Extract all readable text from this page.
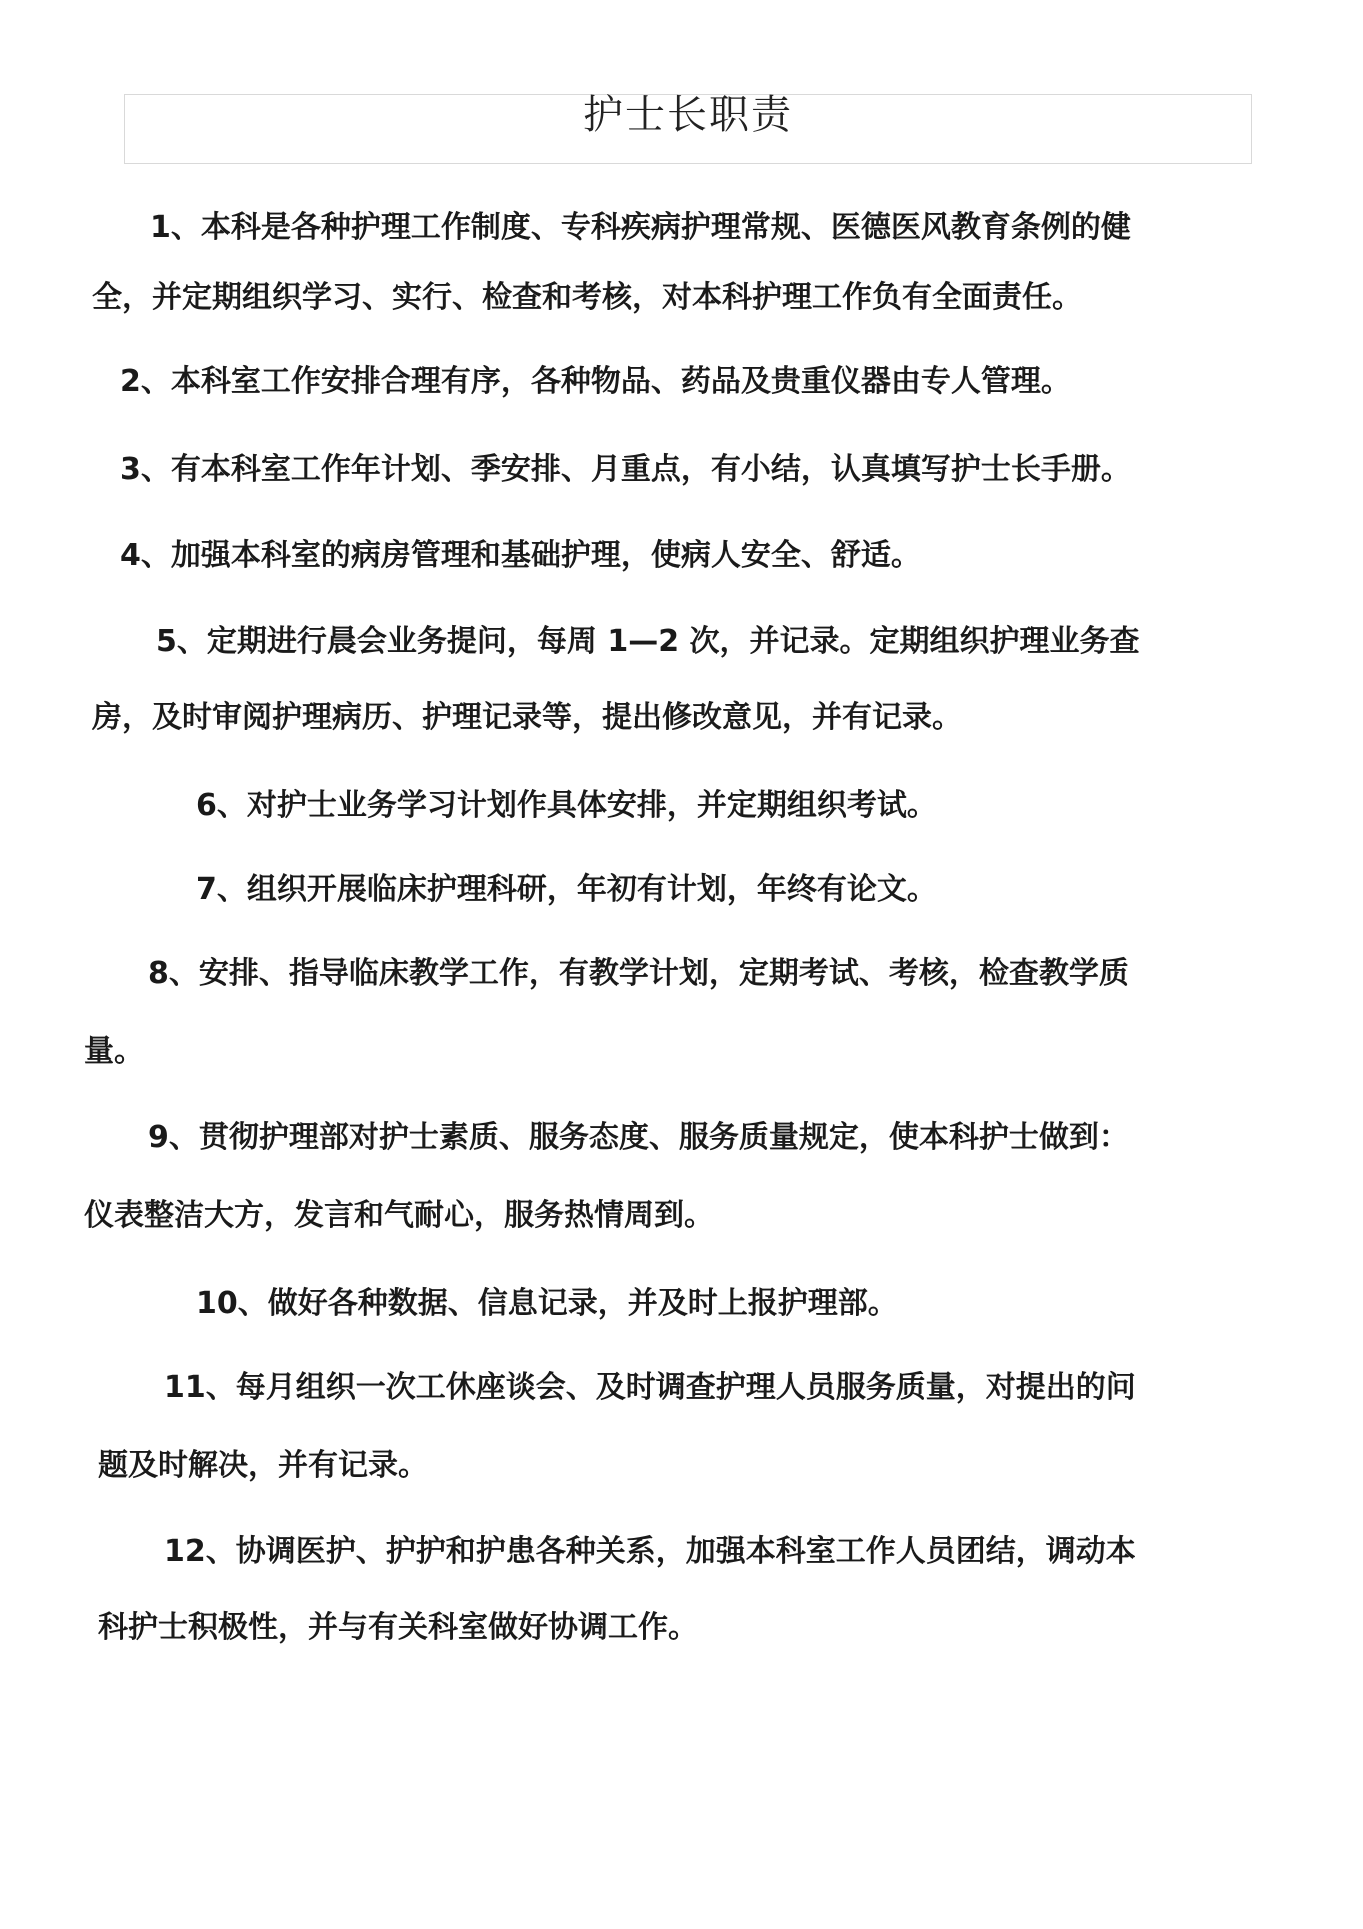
护士长职责
1、本科是各种护理工作制度、专科疾病护理常规、医德医风教育条例的健
全，并定期组织学习、实行、检查和考核，对本科护理工作负有全面责任。
2、本科室工作安排合理有序，各种物品、药品及贵重仪器由专人管理。
3、有本科室工作年计划、季安排、月重点，有小结，认真填写护士长手册。
4、加强本科室的病房管理和基础护理，使病人安全、舒适。
5、定期进行晨会业务提问，每周 1—2 次，并记录。定期组织护理业务查
房，及时审阅护理病历、护理记录等，提出修改意见，并有记录。
6、对护士业务学习计划作具体安排，并定期组织考试。
7、组织开展临床护理科研，年初有计划，年终有论文。
8、安排、指导临床教学工作，有教学计划，定期考试、考核，检查教学质
量。
9、贯彻护理部对护士素质、服务态度、服务质量规定，使本科护士做到：
仪表整洁大方，发言和气耐心，服务热情周到。
10、做好各种数据、信息记录，并及时上报护理部。
11、每月组织一次工休座谈会、及时调查护理人员服务质量，对提出的问
题及时解决，并有记录。
12、协调医护、护护和护患各种关系，加强本科室工作人员团结，调动本
科护士积极性，并与有关科室做好协调工作。
